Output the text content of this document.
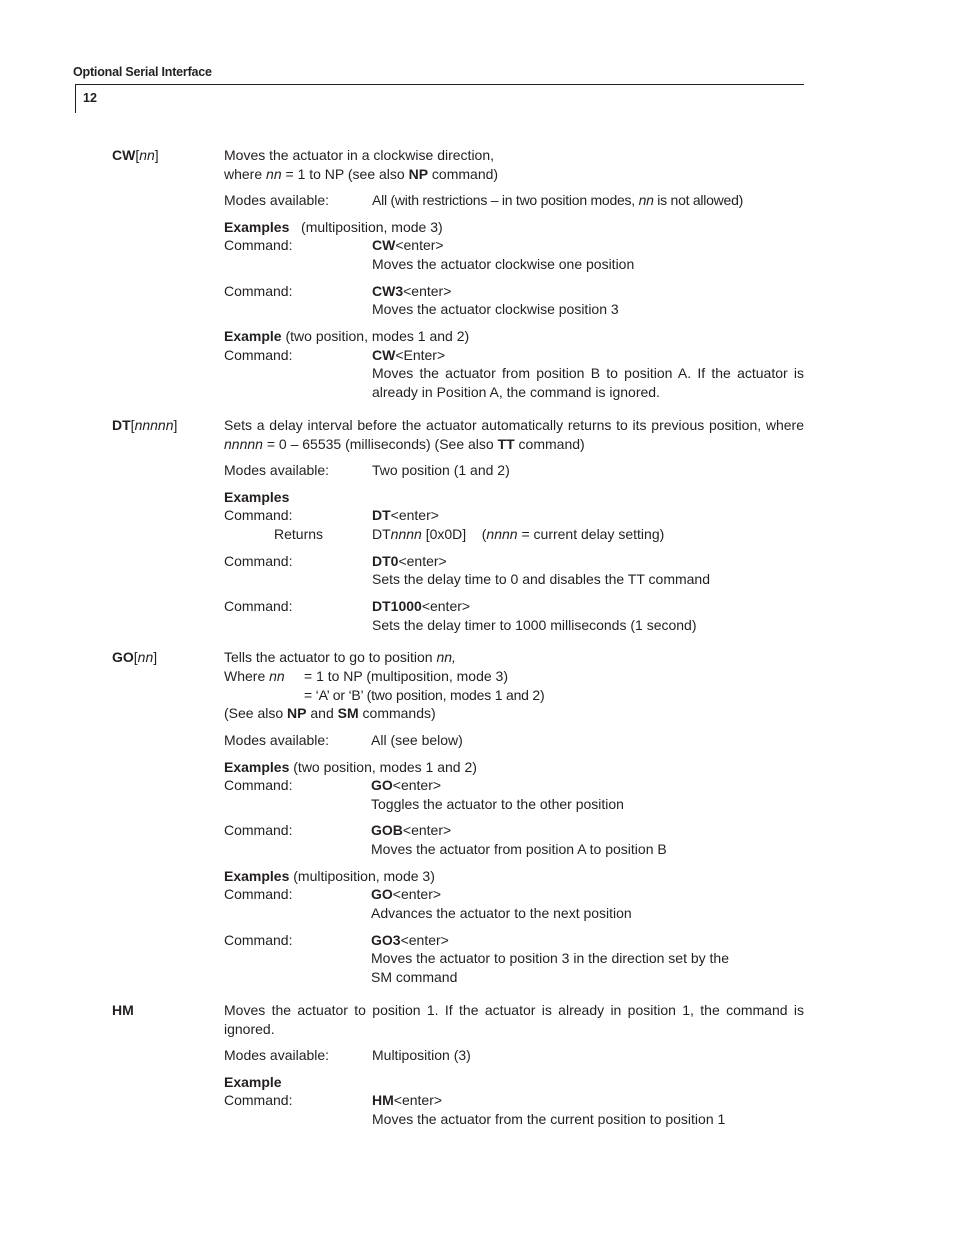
Optional Serial Interface
12
CW[nn]	Moves the actuator in a clockwise direction,
where nn = 1 to NP (see also NP command)
Modes available:	All (with restrictions – in two position modes, nn is not allowed)
Examples (multiposition, mode 3)
Command:	CW<enter>
Moves the actuator clockwise one position
Command:	CW3<enter>
Moves the actuator clockwise position 3
Example (two position, modes 1 and 2)
Command:	CW<Enter>
Moves the actuator from position B to position A. If the actuator is already in Position A, the command is ignored.
DT[nnnnn]	Sets a delay interval before the actuator automatically returns to its previous position, where nnnnn = 0 – 65535 (milliseconds) (See also TT command)
Modes available:	Two position (1 and 2)
Examples
Command:	DT<enter>
Returns	DTnnnn [0x0D]    (nnnn = current delay setting)
Command:	DT0<enter>
Sets the delay time to 0 and disables the TT command
Command:	DT1000<enter>
Sets the delay timer to 1000 milliseconds (1 second)
GO[nn]	Tells the actuator to go to position nn,
Where nn = 1 to NP (multiposition, mode 3)
= ‘A’ or ‘B’ (two position, modes 1 and 2)
(See also NP and SM commands)
Modes available:	All (see below)
Examples (two position, modes 1 and 2)
Command:	GO<enter>
Toggles the actuator to the other position
Command:	GOB<enter>
Moves the actuator from position A to position B
Examples (multiposition, mode 3)
Command:	GO<enter>
Advances the actuator to the next position
Command:	GO3<enter>
Moves the actuator to position 3 in the direction set by the
SM command
HM	Moves the actuator to position 1. If the actuator is already in position 1, the command is ignored.
Modes available:	Multiposition (3)
Example
Command:	HM<enter>
Moves the actuator from the current position to position 1
